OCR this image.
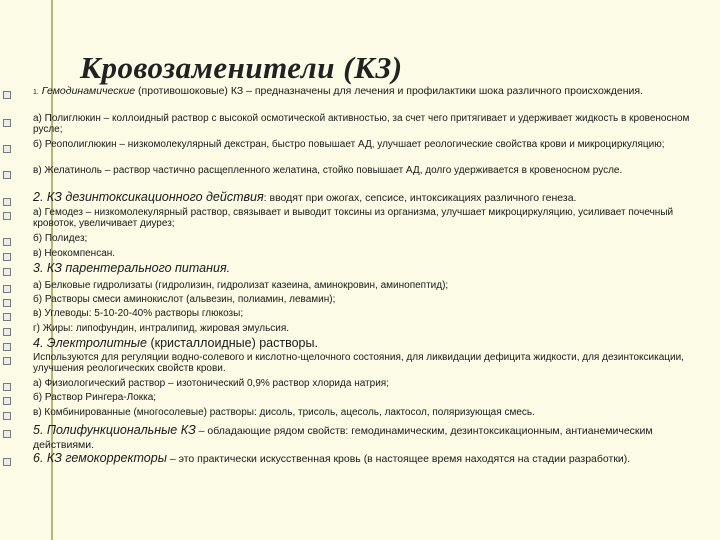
Кровозаменители (КЗ)
1. Гемодинамические (противошоковые) КЗ – предназначены для лечения и профилактики шока различного происхождения.
а) Полиглюкин – коллоидный раствор с высокой осмотической активностью, за счет чего притягивает и удерживает жидкость в кровеносном русле;
б) Реополиглюкин – низкомолекулярный декстран, быстро повышает АД, улучшает реологические свойства крови и микроциркуляцию;
в) Желатиноль – раствор частично расщепленного желатина, стойко повышает АД, долго удерживается в кровеносном русле.
2. КЗ дезинтоксикационного действия: вводят при ожогах, сепсисе, интоксикациях различного генеза.
а) Гемодез – низкомолекулярный раствор, связывает и выводит токсины из организма, улучшает микроциркуляцию, усиливает почечный кровоток, увеличивает диурез;
б) Полидез;
в) Неокомпенсан.
3. КЗ парентерального питания.
а) Белковые гидролизаты (гидролизин, гидролизат казеина, аминокровин, аминопептид);
б) Растворы смеси аминокислот (альвезин, полиамин, левамин);
в) Углеводы: 5-10-20-40% растворы глюкозы;
г) Жиры: липофундин, интралипид, жировая эмульсия.
4. Электролитные (кристаллоидные) растворы.
Используются для регуляции водно-солевого и кислотно-щелочного состояния, для ликвидации дефицита жидкости, для дезинтоксикации, улучшения реологических свойств крови.
а) Физиологический раствор – изотонический 0,9% раствор хлорида натрия;
б) Раствор Рингера-Локка;
в) Комбинированные (многосолевые) растворы: дисоль, трисоль, ацесоль, лактосол, поляризующая смесь.
5. Полифункциональные КЗ – обладающие рядом свойств: гемодинамическим, дезинтоксикационным, антианемическим действиями.
6. КЗ гемокорректоры – это практически искусственная кровь (в настоящее время находятся на стадии разработки).
